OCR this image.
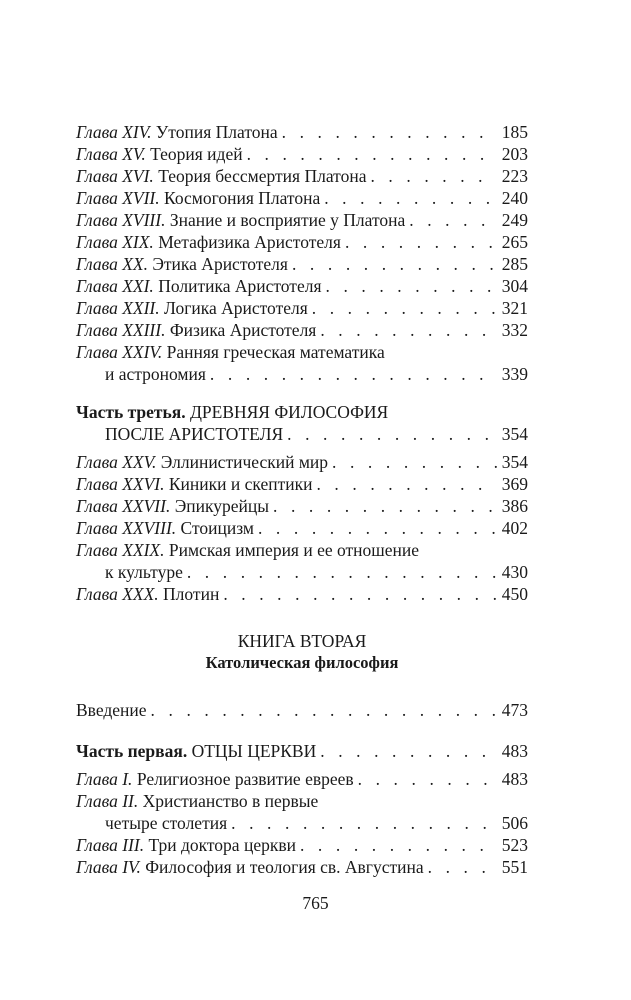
Глава XIV. Утопия Платона . . .	185
Глава XV. Теория идей . . .	203
Глава XVI. Теория бессмертия Платона . . .	223
Глава XVII. Космогония Платона . . .	240
Глава XVIII. Знание и восприятие у Платона . . .	249
Глава XIX. Метафизика Аристотеля . . .	265
Глава XX. Этика Аристотеля . . .	285
Глава XXI. Политика Аристотеля . . .	304
Глава XXII. Логика Аристотеля . . .	321
Глава XXIII. Физика Аристотеля . . .	332
Глава XXIV. Ранняя греческая математика
и астрономия . . .	339
Часть третья. ДРЕВНЯЯ ФИЛОСОФИЯ
ПОСЛЕ АРИСТОТЕЛЯ . . .	354
Глава XXV. Эллинистический мир . . .	354
Глава XXVI. Киники и скептики . . .	369
Глава XXVII. Эпикурейцы . . .	386
Глава XXVIII. Стоицизм . . .	402
Глава XXIX. Римская империя и ее отношение
к культуре . . .	430
Глава XXX. Плотин . . .	450
КНИГА ВТОРАЯ
Католическая философия
Введение . . .	473
Часть первая. ОТЦЫ ЦЕРКВИ . . .	483
Глава I. Религиозное развитие евреев . . .	483
Глава II. Христианство в первые
четыре столетия . . .	506
Глава III. Три доктора церкви . . .	523
Глава IV. Философия и теология св. Августина . . .	551
765
